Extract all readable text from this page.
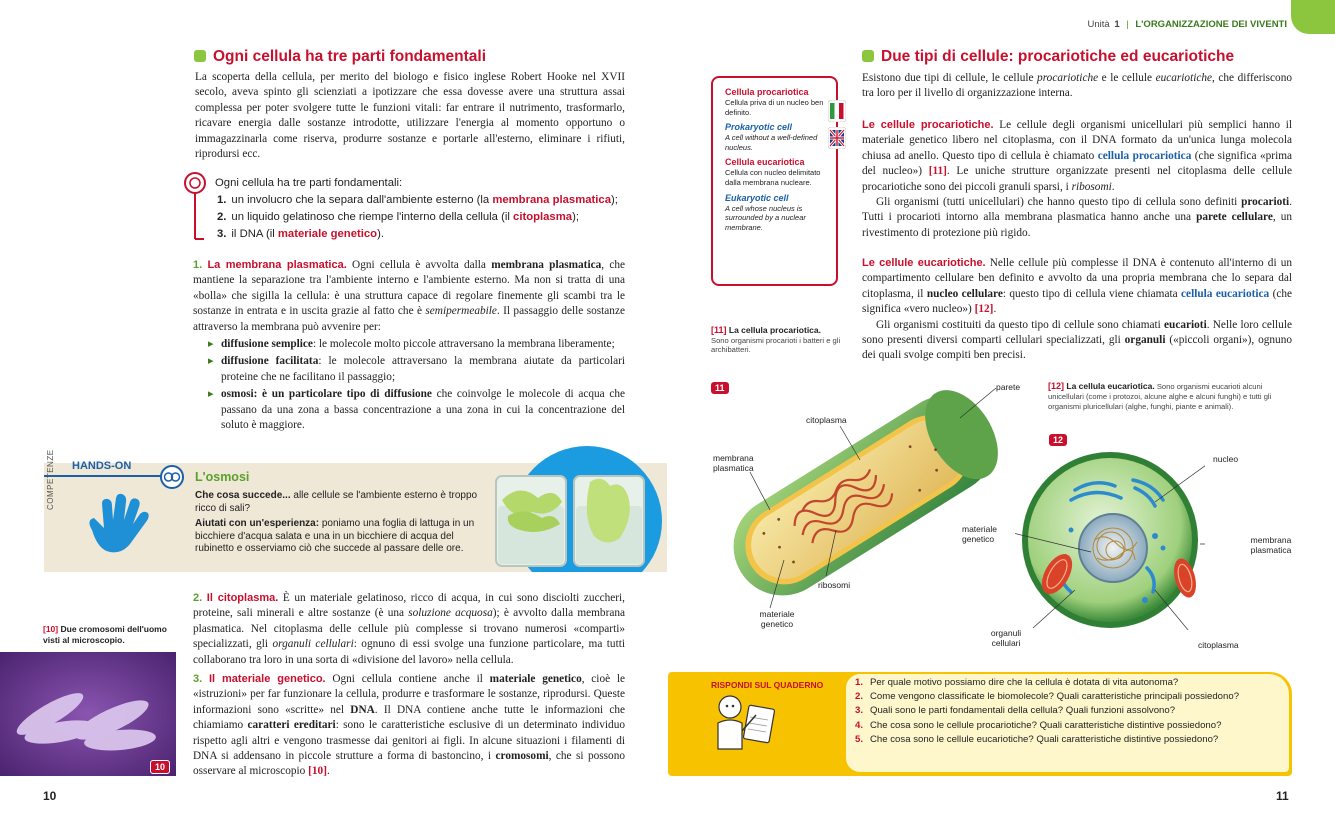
Unità 1 | L'ORGANIZZAZIONE DEI VIVENTI
Ogni cellula ha tre parti fondamentali

La scoperta della cellula, per merito del biologo e fisico inglese Robert Hooke nel XVII secolo, aveva spinto gli scienziati a ipotizzare che essa dovesse avere una struttura assai complessa per poter svolgere tutte le funzioni vitali: far entrare il nutrimento, trasformarlo, ricavare energia dalle sostanze introdotte, utilizzare l'energia al momento opportuno o immagazzinarla come riserva, produrre sostanze e portarle all'esterno, eliminare i rifiuti, riprodursi ecc.

Ogni cellula ha tre parti fondamentali:
1. un involucro che la separa dall'ambiente esterno (la membrana plasmatica);
2. un liquido gelatinoso che riempe l'interno della cellula (il citoplasma);
3. il DNA (il materiale genetico).

1. La membrana plasmatica. Ogni cellula è avvolta dalla membrana plasmatica, che mantiene la separazione tra l'ambiente interno e l'ambiente esterno. Ma non si tratta di una «bolla» che sigilla la cellula: è una struttura capace di regolare finemente gli scambi tra le sostanze in entrata e in uscita grazie al fatto che è semipermeabile. Il passaggio delle sostanze attraverso la membrana può avvenire per:

▸ diffusione semplice: le molecole molto piccole attraversano la membrana liberamente;
▸ diffusione facilitata: le molecole attraversano la membrana aiutate da particolari proteine che ne facilitano il passaggio;
▸ osmosi: è un particolare tipo di diffusione che coinvolge le molecole di acqua che passano da una zona a bassa concentrazione a una zona in cui la concentrazione del soluto è maggiore.
HANDS-ON
COMPETENZE	L'osmosi
Che cosa succede... alle cellule se l'ambiente esterno è troppo ricco di sali?
Aiutati con un'esperienza: poniamo una foglia di lattuga in un bicchiere d'acqua salata e una in un bicchiere di acqua del rubinetto e osserviamo ciò che succede al passare delle ore.

2. Il citoplasma. È un materiale gelatinoso, ricco di acqua, in cui sono disciolti zuccheri, proteine, sali minerali e altre sostanze (è una soluzione acquosa); è avvolto dalla membrana plasmatica. Nel citoplasma delle cellule più complesse si trovano numerosi «comparti» specializzati, gli organuli cellulari: ognuno di essi svolge una funzione particolare, ma tutti collaborano tra loro in una sorta di «divisione del lavoro» nella cellula.

3. Il materiale genetico. Ogni cellula contiene anche il materiale genetico, cioè le «istruzioni» per far funzionare la cellula, produrre e trasformare le sostanze, riprodursi. Queste informazioni sono «scritte» nel DNA. Il DNA contiene anche tutte le informazioni che chiamiamo caratteri ereditari: sono le caratteristiche esclusive di un determinato individuo rispetto agli altri e vengono trasmesse dai genitori ai figli. In alcune situazioni i filamenti di DNA si addensano in piccole strutture a forma di bastoncino, i cromosomi, che si possono osservare al microscopio [10].

[10] Due cromosomi dell'uomo visti al microscopio.
10
10
Due tipi di cellule: procariotiche ed eucariotiche

Esistono due tipi di cellule, le cellule procariotiche e le cellule eucariotiche, che differiscono tra loro per il livello di organizzazione interna.

Cellula procariotica
Cellula priva di un nucleo ben definito.
Prokaryotic cell
A cell without a well-defined nucleus.
Cellula eucariotica
Cellula con nucleo delimitato dalla membrana nucleare.
Eukaryotic cell
A cell whose nucleus is surrounded by a nuclear membrane.

Le cellule procariotiche. Le cellule degli organismi unicellulari più semplici hanno il materiale genetico libero nel citoplasma, con il DNA formato da un'unica lunga molecola chiusa ad anello. Questo tipo di cellula è chiamato cellula procariotica (che significa «prima del nucleo») [11]. Le uniche strutture organizzate presenti nel citoplasma delle cellule procariotiche sono dei piccoli granuli sparsi, i ribosomi.

Gli organismi (tutti unicellulari) che hanno questo tipo di cellula sono definiti procarioti. Tutti i procarioti intorno alla membrana plasmatica hanno anche una parete cellulare, un rivestimento di protezione più rigido.

Le cellule eucariotiche. Nelle cellule più complesse il DNA è contenuto all'interno di un compartimento cellulare ben definito e avvolto da una propria membrana che lo separa dal citoplasma, il nucleo cellulare: questo tipo di cellula viene chiamata cellula eucariotica (che significa «vero nucleo») [12].

Gli organismi costituiti da questo tipo di cellule sono chiamati eucarioti. Nelle loro cellule sono presenti diversi comparti cellulari specializzati, gli organuli («piccoli organi»), ognuno dei quali svolge compiti ben precisi.

[11] La cellula procariotica.
Sono organismi procarioti i batteri e gli archibatteri.
11
citoplasma
parete
membrana plasmatica
ribosomi
materiale genetico
[12] La cellula eucariotica. Sono organismi eucarioti alcuni unicellulari (come i protozoi, alcune alghe e alcuni funghi) e tutti gli organismi pluricellulari (alghe, funghi, piante e animali).
12
nucleo
materiale genetico	membrana plasmatica
organuli cellulari	citoplasma
RISPONDI SUL QUADERNO	1. Per quale motivo possiamo dire che la cellula è dotata di vita autonoma?
2. Come vengono classificate le biomolecole? Quali caratteristiche principali possiedono?
3. Quali sono le parti fondamentali della cellula? Quali funzioni assolvono?
4. Che cosa sono le cellule procariotiche? Quali caratteristiche distintive possiedono?
5. Che cosa sono le cellule eucariotiche? Quali caratteristiche distintive possiedono?
11
